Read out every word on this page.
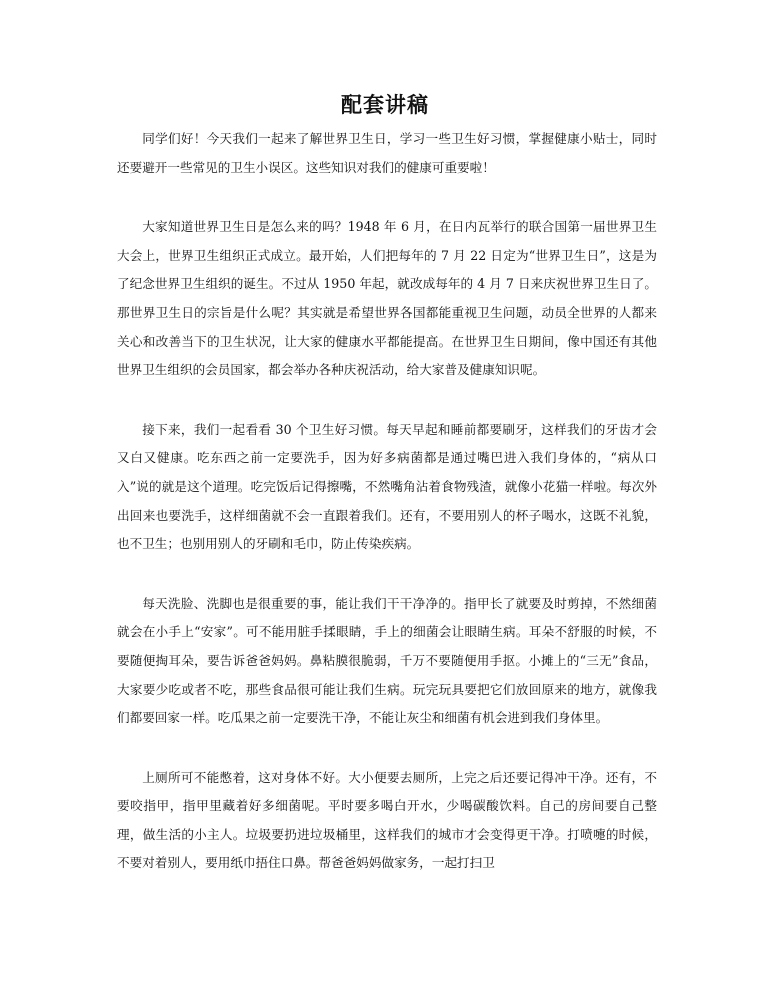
配套讲稿

同学们好！今天我们一起来了解世界卫生日，学习一些卫生好习惯，掌握健康小贴士，同时还要避开一些常见的卫生小误区。这些知识对我们的健康可重要啦！

大家知道世界卫生日是怎么来的吗？1948 年 6 月，在日内瓦举行的联合国第一届世界卫生大会上，世界卫生组织正式成立。最开始，人们把每年的 7 月 22 日定为“世界卫生日”，这是为了纪念世界卫生组织的诞生。不过从 1950 年起，就改成每年的 4 月 7 日来庆祝世界卫生日了。那世界卫生日的宗旨是什么呢？其实就是希望世界各国都能重视卫生问题，动员全世界的人都来关心和改善当下的卫生状况，让大家的健康水平都能提高。在世界卫生日期间，像中国还有其他世界卫生组织的会员国家，都会举办各种庆祝活动，给大家普及健康知识呢。

接下来，我们一起看看 30 个卫生好习惯。每天早起和睡前都要刷牙，这样我们的牙齿才会又白又健康。吃东西之前一定要洗手，因为好多病菌都是通过嘴巴进入我们身体的，“病从口入”说的就是这个道理。吃完饭后记得擦嘴，不然嘴角沾着食物残渣，就像小花猫一样啦。每次外出回来也要洗手，这样细菌就不会一直跟着我们。还有，不要用别人的杯子喝水，这既不礼貌，也不卫生；也别用别人的牙刷和毛巾，防止传染疾病。

每天洗脸、洗脚也是很重要的事，能让我们干干净净的。指甲长了就要及时剪掉，不然细菌就会在小手上“安家”。可不能用脏手揉眼睛，手上的细菌会让眼睛生病。耳朵不舒服的时候，不要随便掏耳朵，要告诉爸爸妈妈。鼻粘膜很脆弱，千万不要随便用手抠。小摊上的“三无”食品，大家要少吃或者不吃，那些食品很可能让我们生病。玩完玩具要把它们放回原来的地方，就像我们都要回家一样。吃瓜果之前一定要洗干净，不能让灰尘和细菌有机会进到我们身体里。

上厕所可不能憋着，这对身体不好。大小便要去厕所，上完之后还要记得冲干净。还有，不要咬指甲，指甲里藏着好多细菌呢。平时要多喝白开水，少喝碳酸饮料。自己的房间要自己整理，做生活的小主人。垃圾要扔进垃圾桶里，这样我们的城市才会变得更干净。打喷嚏的时候，不要对着别人，要用纸巾捂住口鼻。帮爸爸妈妈做家务，一起打扫卫
